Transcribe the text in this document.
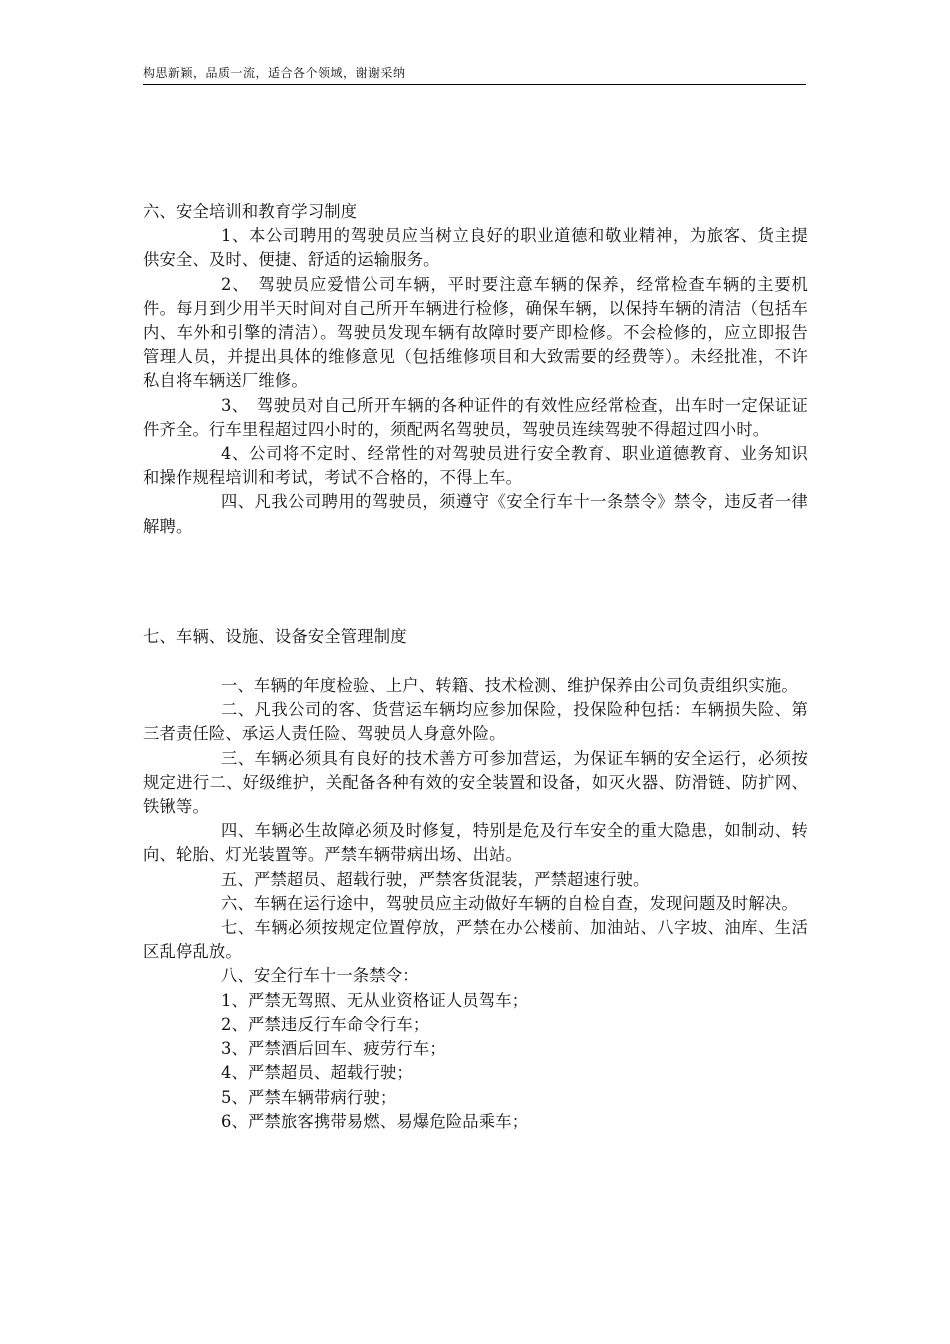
构思新颖，品质一流，适合各个领域，谢谢采纳

六、安全培训和教育学习制度

1、本公司聘用的驾驶员应当树立良好的职业道德和敬业精神，为旅客、货主提供安全、及时、便捷、舒适的运输服务。

2、　驾驶员应爱惜公司车辆，平时要注意车辆的保养，经常检查车辆的主要机件。每月到少用半天时间对自己所开车辆进行检修，确保车辆，以保持车辆的清洁（包括车内、车外和引擎的清洁）。驾驶员发现车辆有故障时要产即检修。不会检修的，应立即报告管理人员，并提出具体的维修意见（包括维修项目和大致需要的经费等）。未经批准，不许私自将车辆送厂维修。

3、　驾驶员对自己所开车辆的各种证件的有效性应经常检查，出车时一定保证证件齐全。行车里程超过四小时的，须配两名驾驶员，驾驶员连续驾驶不得超过四小时。

4、公司将不定时、经常性的对驾驶员进行安全教育、职业道德教育、业务知识和操作规程培训和考试，考试不合格的，不得上车。

四、凡我公司聘用的驾驶员，须遵守《安全行车十一条禁令》禁令，违反者一律解聘。

七、车辆、设施、设备安全管理制度

一、车辆的年度检验、上户、转籍、技术检测、维护保养由公司负责组织实施。

二、凡我公司的客、货营运车辆均应参加保险，投保险种包括：车辆损失险、第三者责任险、承运人责任险、驾驶员人身意外险。

三、车辆必须具有良好的技术善方可参加营运，为保证车辆的安全运行，必须按规定进行二、好级维护，关配备各种有效的安全装置和设备，如灭火器、防滑链、防扩网、铁锹等。

四、车辆必生故障必须及时修复，特别是危及行车安全的重大隐患，如制动、转向、轮胎、灯光装置等。严禁车辆带病出场、出站。

五、严禁超员、超载行驶，严禁客货混装，严禁超速行驶。

六、车辆在运行途中，驾驶员应主动做好车辆的自检自查，发现问题及时解决。

七、车辆必须按规定位置停放，严禁在办公楼前、加油站、八字坡、油库、生活区乱停乱放。

八、安全行车十一条禁令：

1、严禁无驾照、无从业资格证人员驾车；

2、严禁违反行车命令行车；

3、严禁酒后回车、疲劳行车；

4、严禁超员、超载行驶；

5、严禁车辆带病行驶；

6、严禁旅客携带易燃、易爆危险品乘车；
